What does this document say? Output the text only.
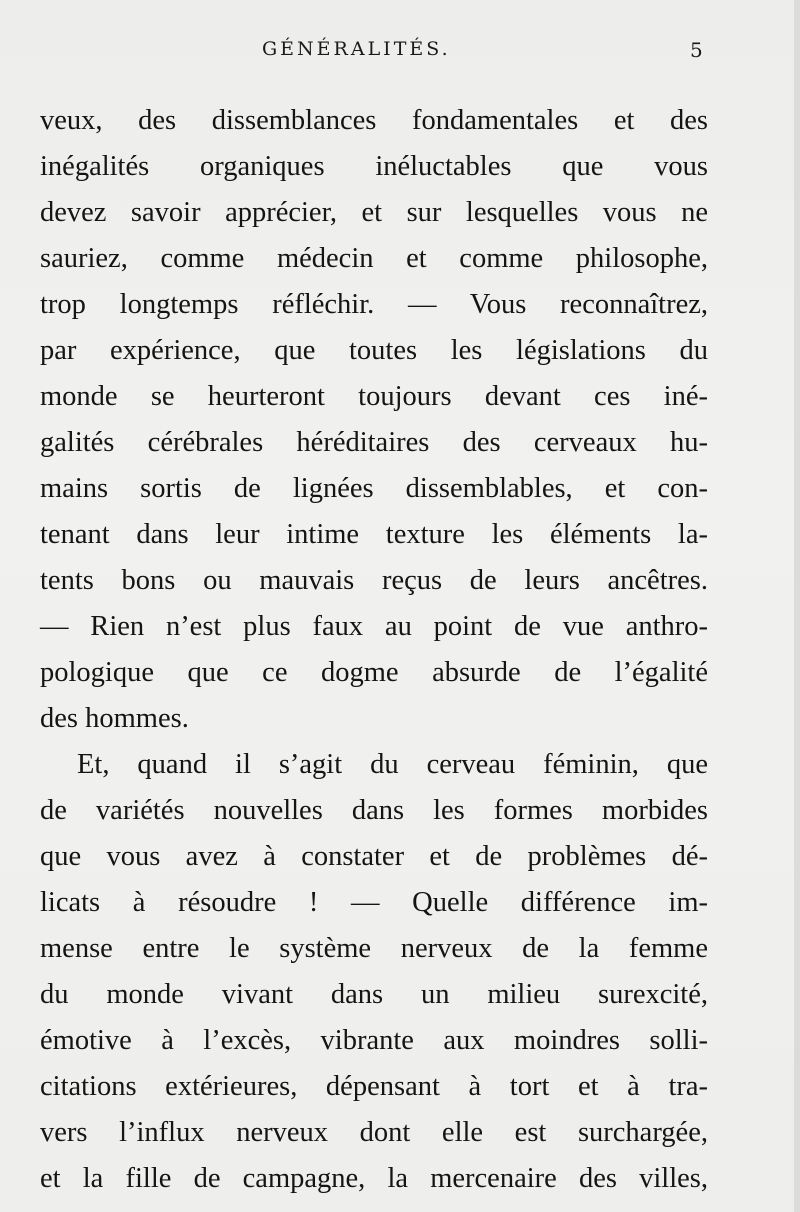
GÉNÉRALITÉS.	5
veux, des dissemblances fondamentales et des
inégalités organiques inéluctables que vous
devez savoir apprécier, et sur lesquelles vous ne
sauriez, comme médecin et comme philosophe,
trop longtemps réfléchir. — Vous reconnaîtrez,
par expérience, que toutes les législations du
monde se heurteront toujours devant ces iné-
galités cérébrales héréditaires des cerveaux hu-
mains sortis de lignées dissemblables, et con-
tenant dans leur intime texture les éléments la-
tents bons ou mauvais reçus de leurs ancêtres.
— Rien n’est plus faux au point de vue anthro-
pologique que ce dogme absurde de l’égalité
des hommes.
Et, quand il s’agit du cerveau féminin, que
de variétés nouvelles dans les formes morbides
que vous avez à constater et de problèmes dé-
licats à résoudre ! — Quelle différence im-
mense entre le système nerveux de la femme
du monde vivant dans un milieu surexcité,
émotive à l’excès, vibrante aux moindres solli-
citations extérieures, dépensant à tort et à tra-
vers l’influx nerveux dont elle est surchargée,
et la fille de campagne, la mercenaire des villes,
